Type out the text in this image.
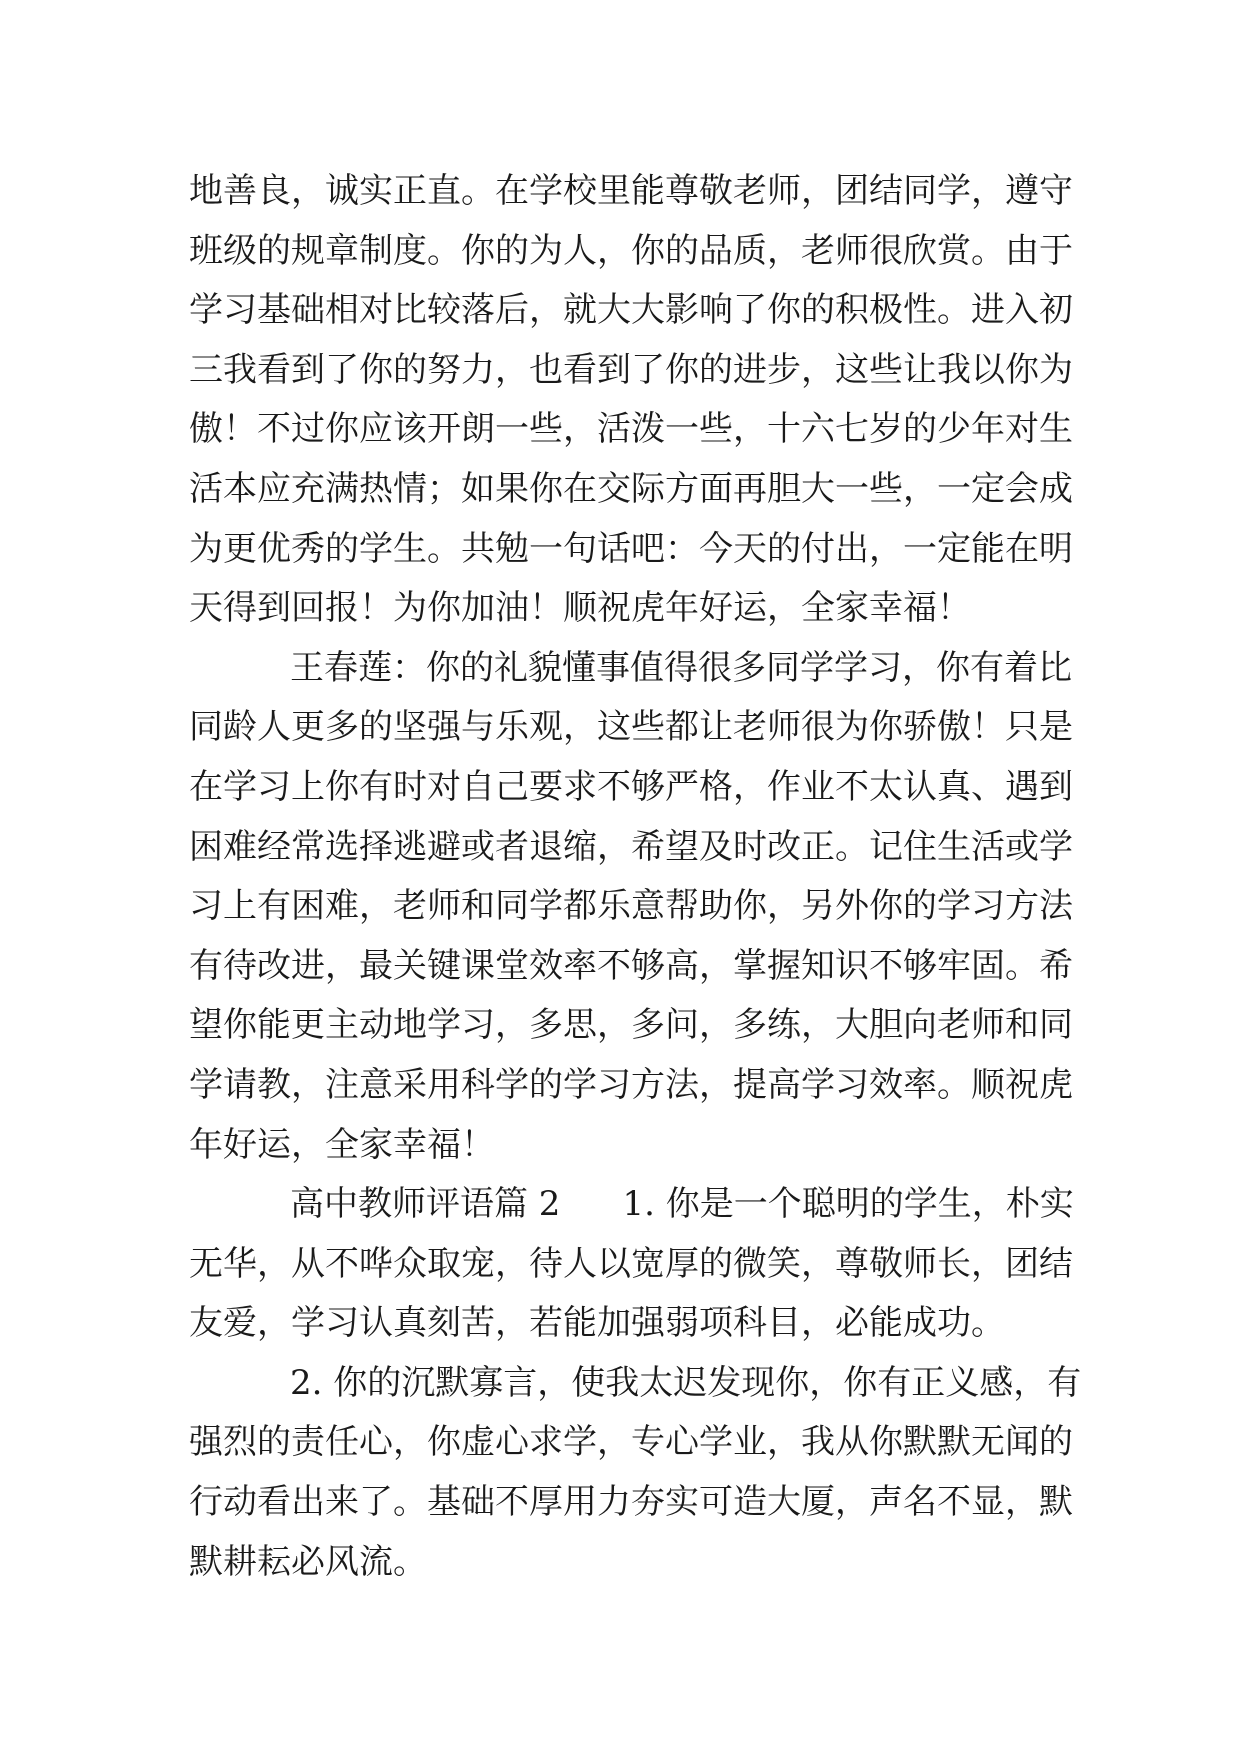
地善良，诚实正直。在学校里能尊敬老师，团结同学，遵守
班级的规章制度。你的为人，你的品质，老师很欣赏。由于
学习基础相对比较落后，就大大影响了你的积极性。进入初
三我看到了你的努力，也看到了你的进步，这些让我以你为
傲！不过你应该开朗一些，活泼一些，十六七岁的少年对生
活本应充满热情；如果你在交际方面再胆大一些，一定会成
为更优秀的学生。共勉一句话吧：今天的付出，一定能在明
天得到回报！为你加油！顺祝虎年好运，全家幸福！
王春莲：你的礼貌懂事值得很多同学学习，你有着比
同龄人更多的坚强与乐观，这些都让老师很为你骄傲！只是
在学习上你有时对自己要求不够严格，作业不太认真、遇到
困难经常选择逃避或者退缩，希望及时改正。记住生活或学
习上有困难，老师和同学都乐意帮助你，另外你的学习方法
有待改进，最关键课堂效率不够高，掌握知识不够牢固。希
望你能更主动地学习，多思，多问，多练，大胆向老师和同
学请教，注意采用科学的学习方法，提高学习效率。顺祝虎
年好运，全家幸福！
高中教师评语篇 2 1. 你是一个聪明的学生，朴实
无华，从不哗众取宠，待人以宽厚的微笑，尊敬师长，团结
友爱，学习认真刻苦，若能加强弱项科目，必能成功。
2. 你的沉默寡言，使我太迟发现你，你有正义感，有
强烈的责任心，你虚心求学，专心学业，我从你默默无闻的
行动看出来了。基础不厚用力夯实可造大厦，声名不显，默
默耕耘必风流。
